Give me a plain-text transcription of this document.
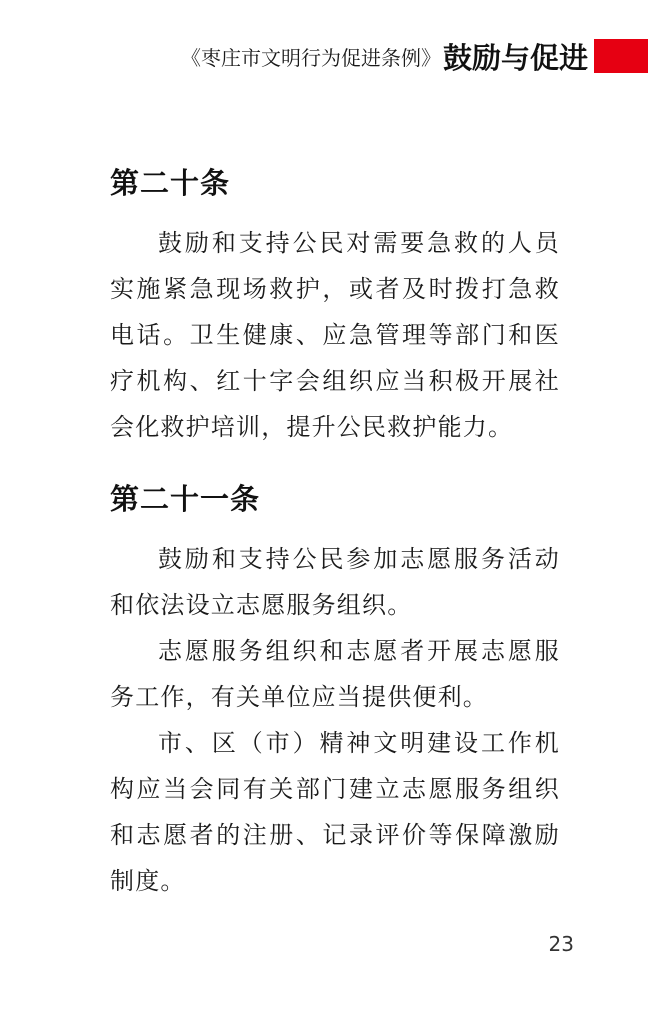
《枣庄市文明行为促进条例》 鼓励与促进
第二十条

鼓励和支持公民对需要急救的人员实施紧急现场救护，或者及时拨打急救电话。卫生健康、应急管理等部门和医疗机构、红十字会组织应当积极开展社会化救护培训，提升公民救护能力。

第二十一条

鼓励和支持公民参加志愿服务活动和依法设立志愿服务组织。

志愿服务组织和志愿者开展志愿服务工作，有关单位应当提供便利。

市、区（市）精神文明建设工作机构应当会同有关部门建立志愿服务组织和志愿者的注册、记录评价等保障激励制度。

23
